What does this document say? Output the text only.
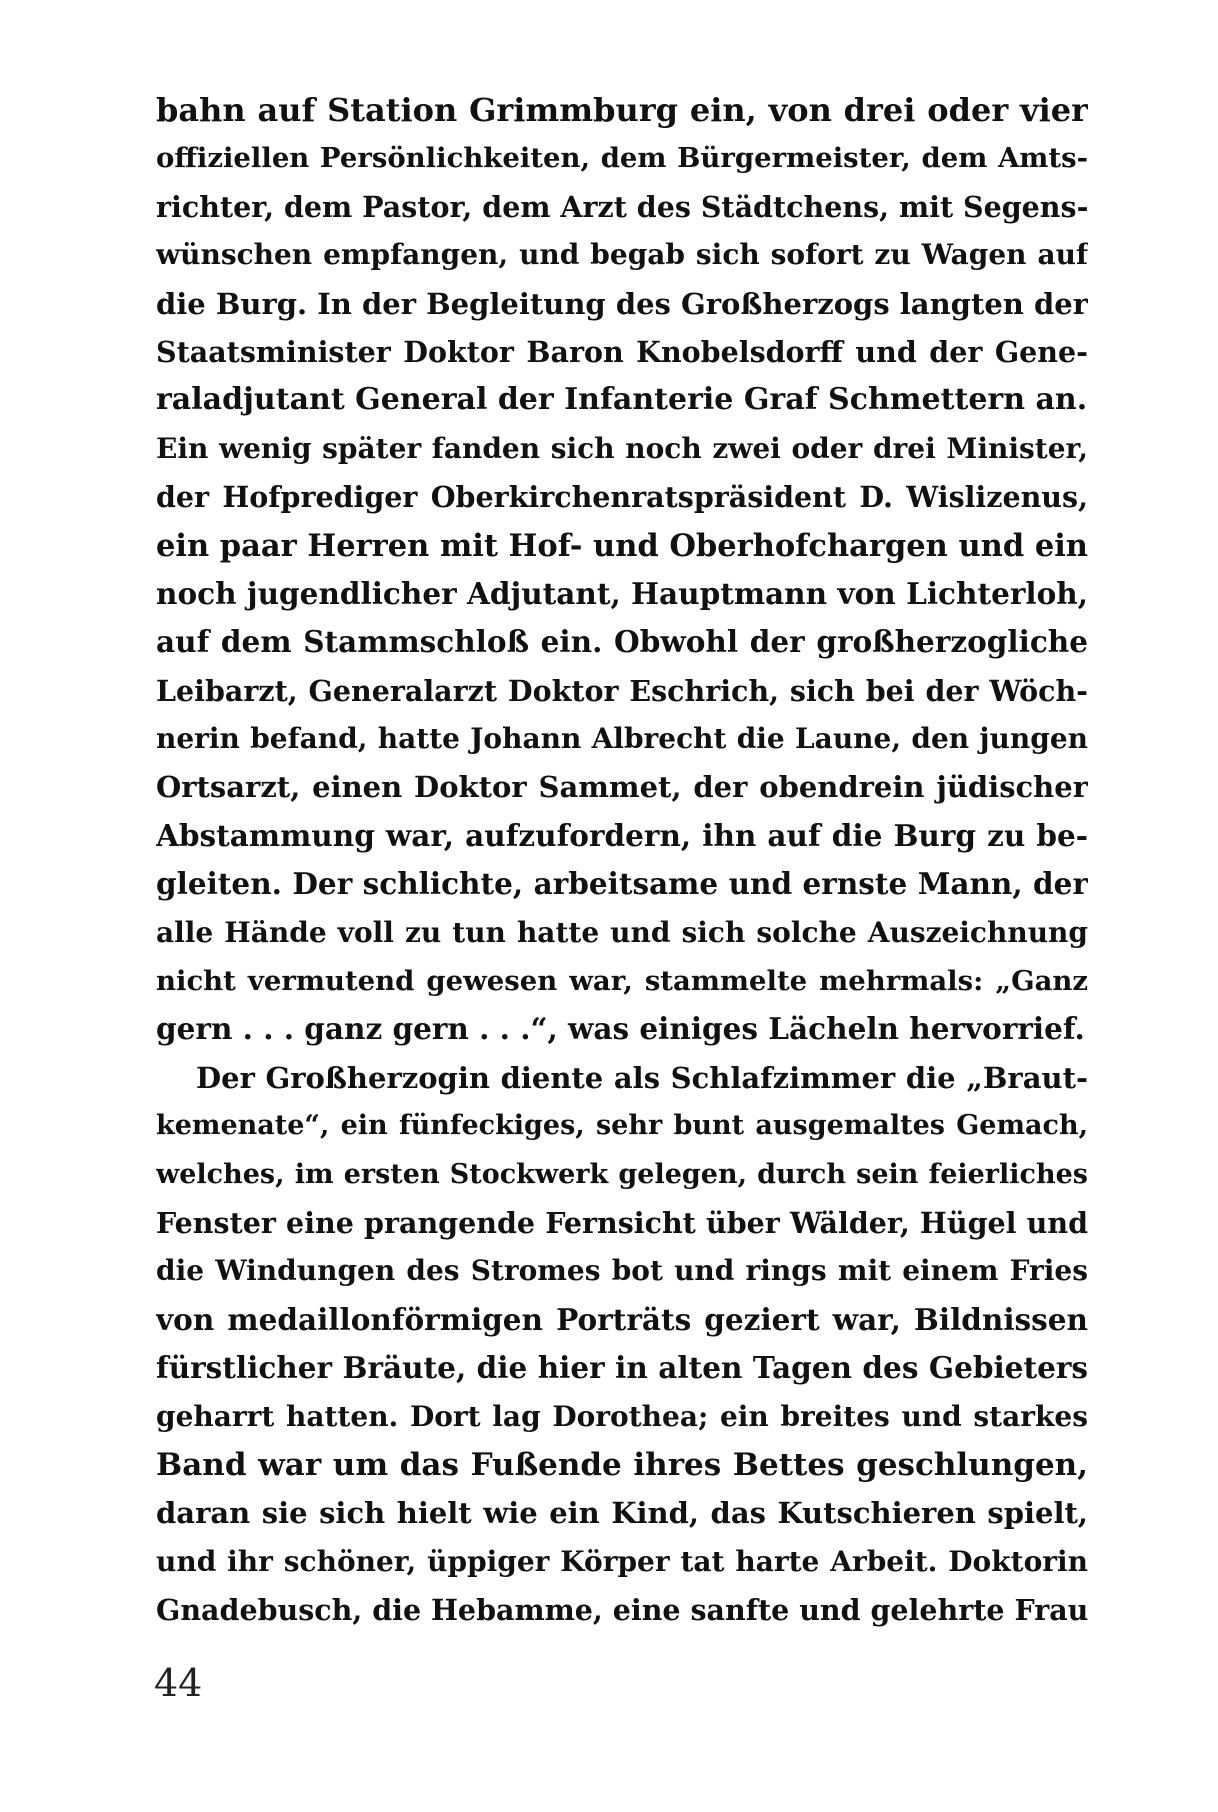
bahn auf Station Grimmburg ein, von drei oder vier
offiziellen Persönlichkeiten, dem Bürgermeister, dem Amts-
richter, dem Pastor, dem Arzt des Städtchens, mit Segens-
wünschen empfangen, und begab sich sofort zu Wagen auf
die Burg. In der Begleitung des Großherzogs langten der
Staatsminister Doktor Baron Knobelsdorff und der Gene-
raladjutant General der Infanterie Graf Schmettern an.
Ein wenig später fanden sich noch zwei oder drei Minister,
der Hofprediger Oberkirchenratspräsident D. Wislizenus,
ein paar Herren mit Hof- und Oberhofchargen und ein
noch jugendlicher Adjutant, Hauptmann von Lichterloh,
auf dem Stammschloß ein. Obwohl der großherzogliche
Leibarzt, Generalarzt Doktor Eschrich, sich bei der Wöch-
nerin befand, hatte Johann Albrecht die Laune, den jungen
Ortsarzt, einen Doktor Sammet, der obendrein jüdischer
Abstammung war, aufzufordern, ihn auf die Burg zu be-
gleiten. Der schlichte, arbeitsame und ernste Mann, der
alle Hände voll zu tun hatte und sich solche Auszeichnung
nicht vermutend gewesen war, stammelte mehrmals: „Ganz
gern . . . ganz gern . . .“, was einiges Lächeln hervorrief.
Der Großherzogin diente als Schlafzimmer die „Braut-
kemenate“, ein fünfeckiges, sehr bunt ausgemaltes Gemach,
welches, im ersten Stockwerk gelegen, durch sein feierliches
Fenster eine prangende Fernsicht über Wälder, Hügel und
die Windungen des Stromes bot und rings mit einem Fries
von medaillonförmigen Porträts geziert war, Bildnissen
fürstlicher Bräute, die hier in alten Tagen des Gebieters
geharrt hatten. Dort lag Dorothea; ein breites und starkes
Band war um das Fußende ihres Bettes geschlungen,
daran sie sich hielt wie ein Kind, das Kutschieren spielt,
und ihr schöner, üppiger Körper tat harte Arbeit. Doktorin
Gnadebusch, die Hebamme, eine sanfte und gelehrte Frau
44
